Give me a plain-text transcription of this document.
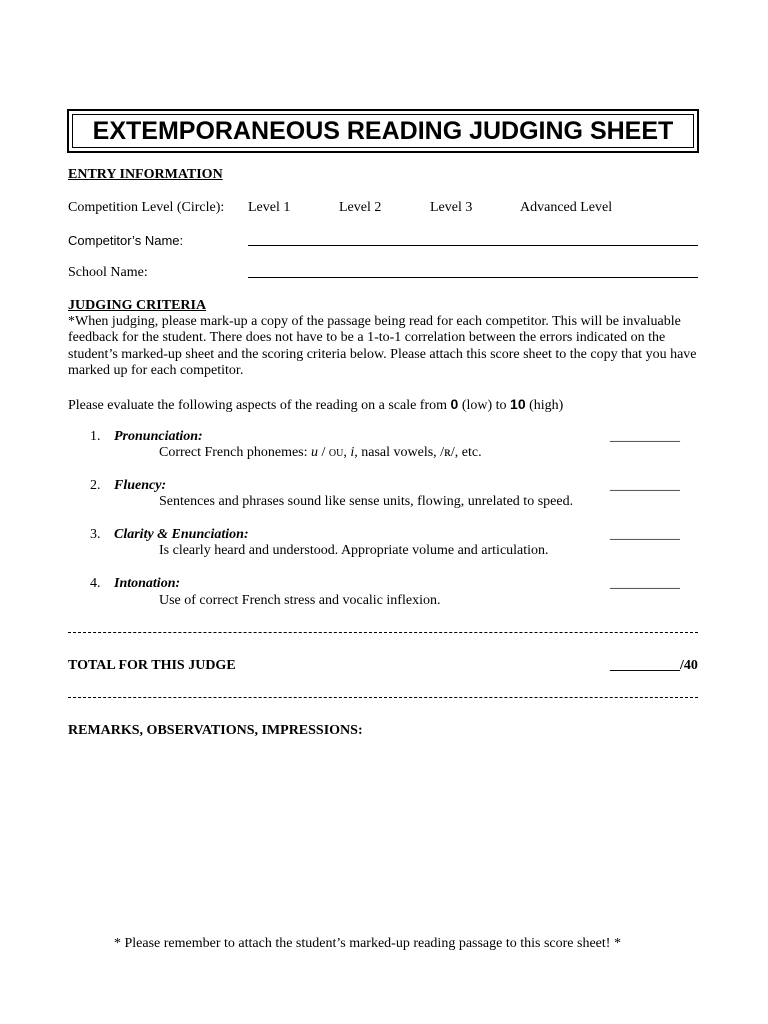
EXTEMPORANEOUS READING JUDGING SHEET
ENTRY INFORMATION
Competition Level (Circle): Level 1	Level 2	Level 3	Advanced Level
Competitor’s Name:
School Name:
JUDGING CRITERIA
*When judging, please mark-up a copy of the passage being read for each competitor. This will be invaluable feedback for the student. There does not have to be a 1-to-1 correlation between the errors indicated on the student’s marked-up sheet and the scoring criteria below. Please attach this score sheet to the copy that you have marked up for each competitor.
Please evaluate the following aspects of the reading on a scale from 0 (low) to 10 (high)
1. Pronunciation:
Correct French phonemes: u / ou, i, nasal vowels, /ʀ/, etc.
__________
2. Fluency:
Sentences and phrases sound like sense units, flowing, unrelated to speed.
__________
3. Clarity & Enunciation:
Is clearly heard and understood. Appropriate volume and articulation.
__________
4. Intonation:
Use of correct French stress and vocalic inflexion.
__________
TOTAL FOR THIS JUDGE	__________/40
REMARKS, OBSERVATIONS, IMPRESSIONS:
* Please remember to attach the student’s marked-up reading passage to this score sheet! *
